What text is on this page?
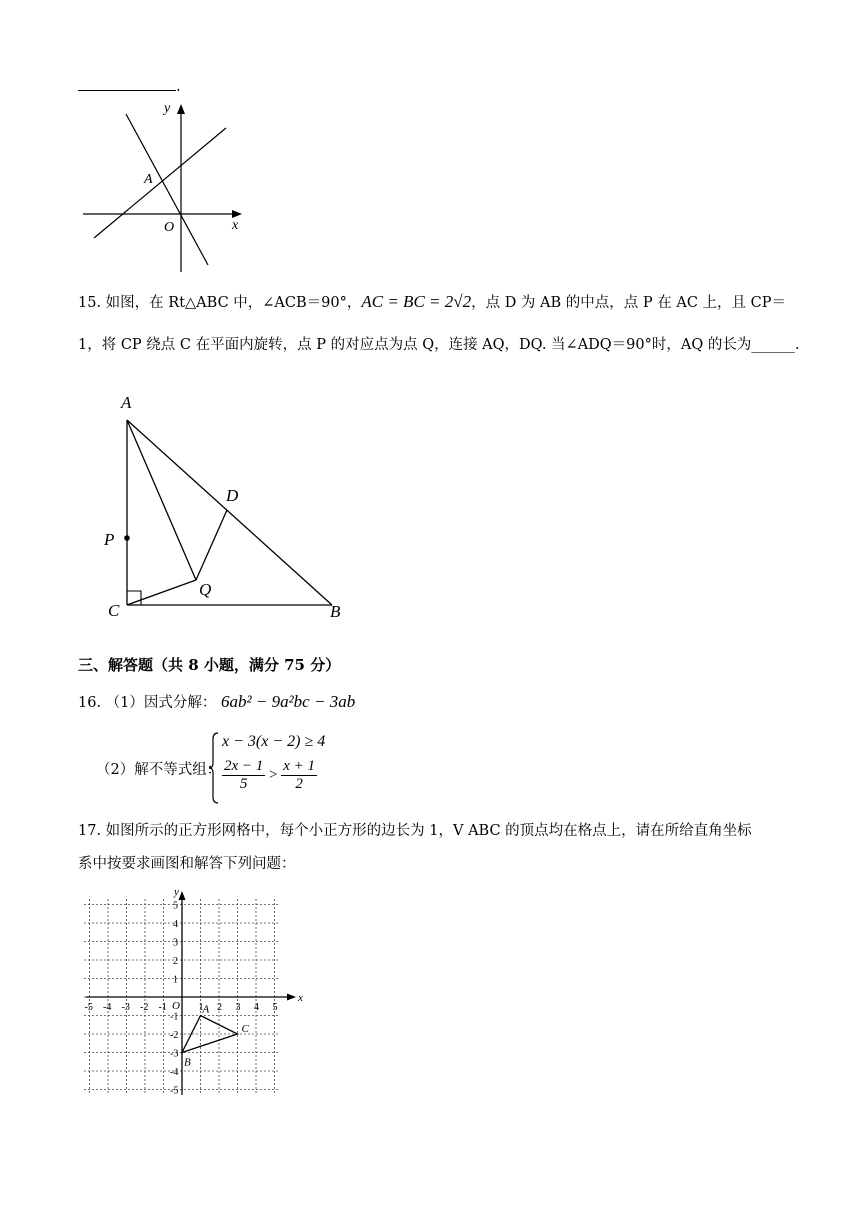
.
y
x
A
O
15. 如图，在 Rt△ABC 中，∠ACB＝90°，AC = BC = 2√2，点 D 为 AB 的中点，点 P 在 AC 上，且 CP＝
1，将 CP 绕点 C 在平面内旋转，点 P 的对应点为点 Q，连接 AQ，DQ. 当∠ADQ＝90°时，AQ 的长为______.
A
P
C
Q
D
B
三、解答题（共 8 小题，满分 75 分）
16. （1）因式分解： 6ab² − 9a²bc − 3ab
（2）解不等式组：
x − 3(x − 2) ≥ 4
$\frac{2x - 1}{5} > \frac{x + 1}{2}$
17. 如图所示的正方形网格中，每个小正方形的边长为 1，V ABC 的顶点均在格点上，请在所给直角坐标
系中按要求画图和解答下列问题：
x
y
O
-5 -4 -3 -2 -1	1 2 3 4 5
5
4
3
2
1
-1
-2
-3
-4
-5
A
B
C
